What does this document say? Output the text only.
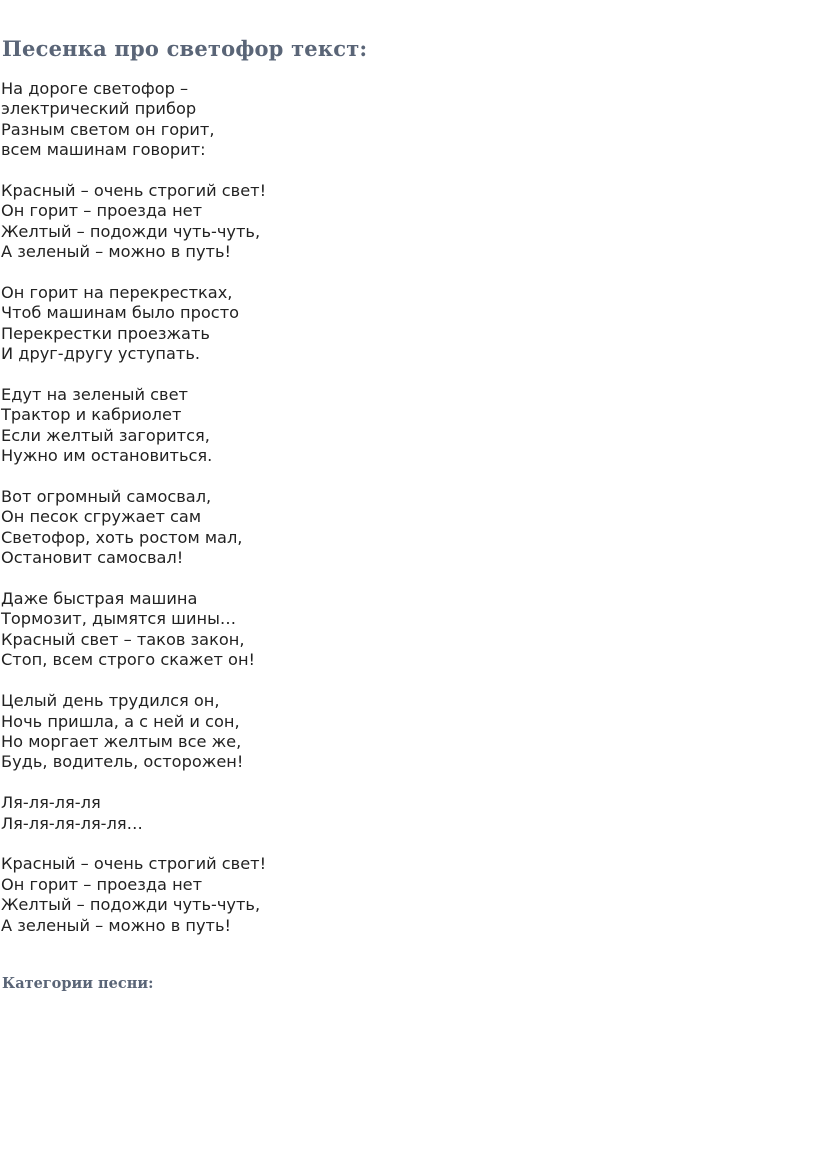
Песенка про светофор текст:
На дороге светофор –
электрический прибор
Разным светом он горит,
всем машинам говорит:
Красный – очень строгий свет!
Он горит – проезда нет
Желтый – подожди чуть-чуть,
А зеленый – можно в путь!
Он горит на перекрестках,
Чтоб машинам было просто
Перекрестки проезжать
И друг-другу уступать.
Едут на зеленый свет
Трактор и кабриолет
Если желтый загорится,
Нужно им остановиться.
Вот огромный самосвал,
Он песок сгружает сам
Светофор, хоть ростом мал,
Остановит самосвал!
Даже быстрая машина
Тормозит, дымятся шины…
Красный свет – таков закон,
Стоп, всем строго скажет он!
Целый день трудился он,
Ночь пришла, а с ней и сон,
Но моргает желтым все же,
Будь, водитель, осторожен!
Ля-ля-ля-ля
Ля-ля-ля-ля-ля…
Красный – очень строгий свет!
Он горит – проезда нет
Желтый – подожди чуть-чуть,
А зеленый – можно в путь!
Категории песни:
